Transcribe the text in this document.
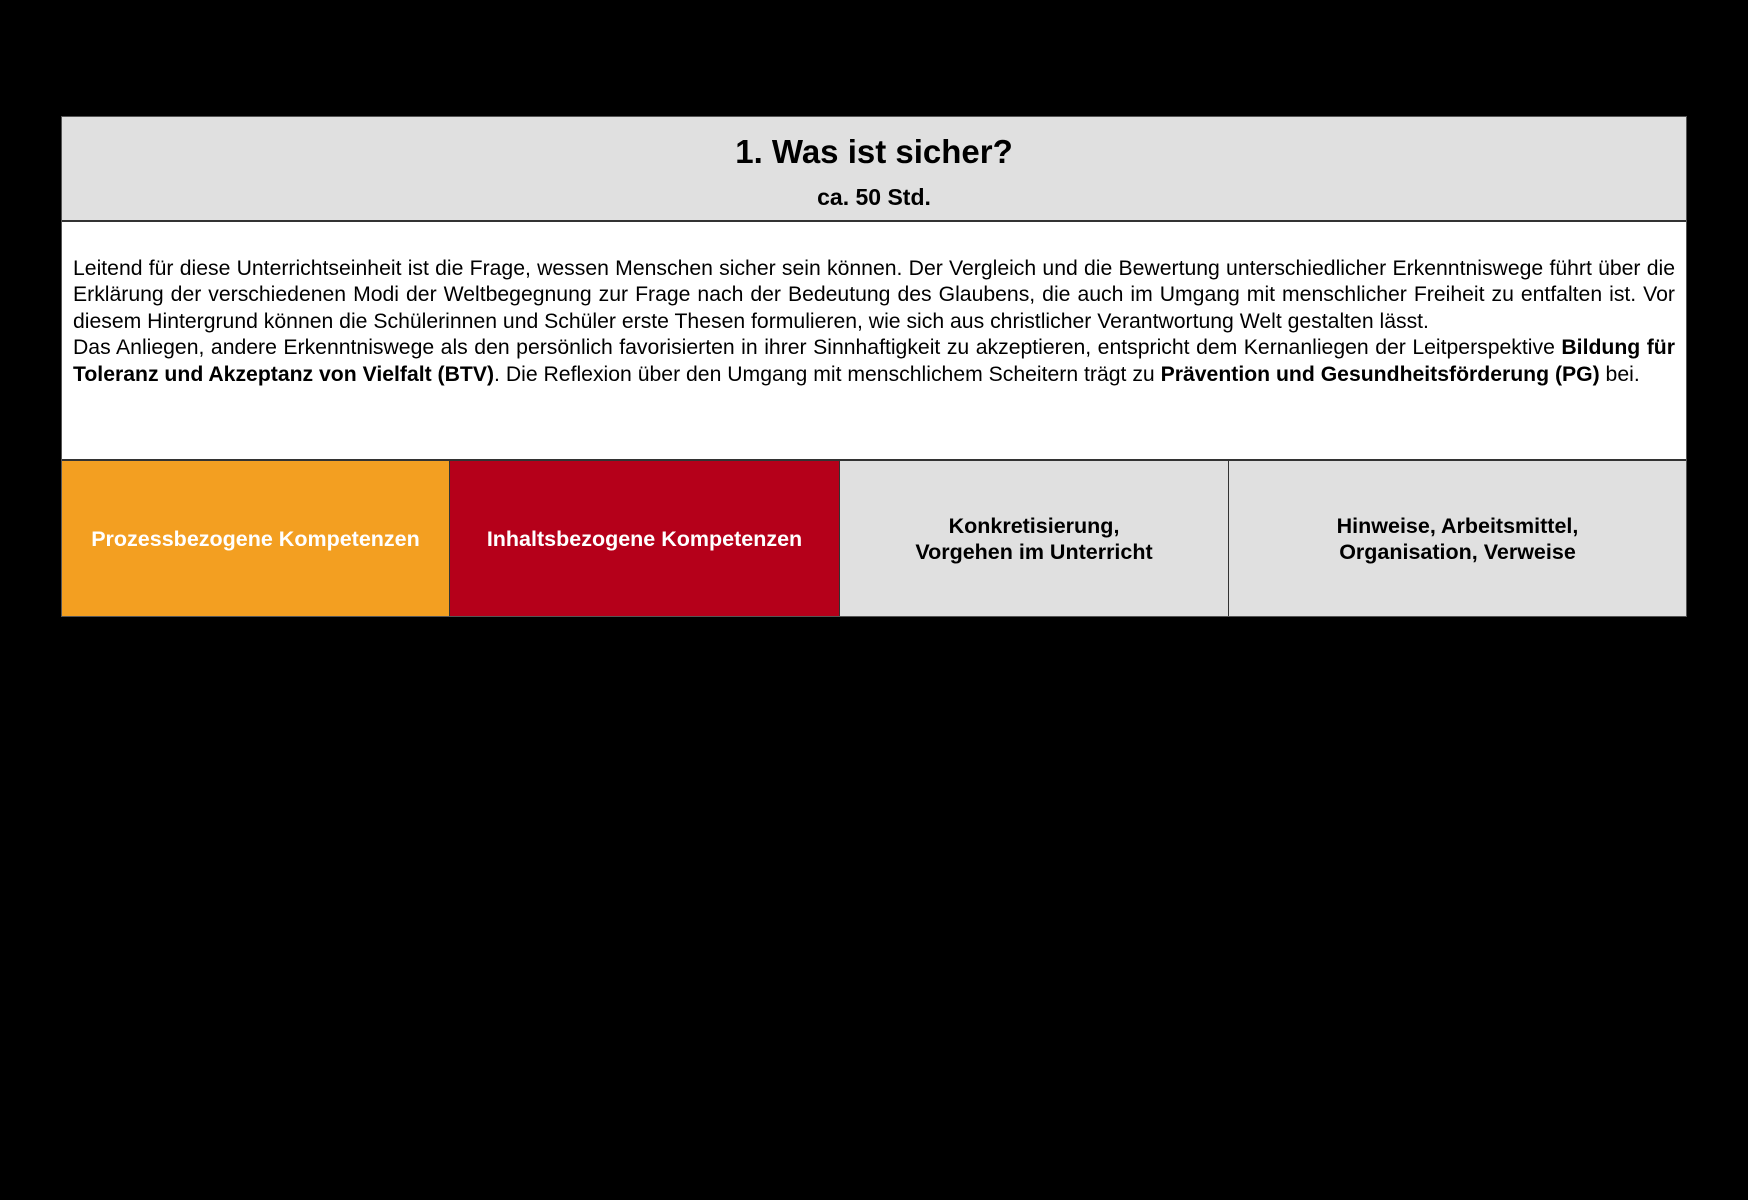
1. Was ist sicher?
ca. 50 Std.

Leitend für diese Unterrichtseinheit ist die Frage, wessen Menschen sicher sein können. Der Vergleich und die Bewertung unterschiedlicher Erkenntniswege führt über die Erklärung der verschiedenen Modi der Weltbegegnung zur Frage nach der Bedeutung des Glaubens, die auch im Umgang mit menschlicher Freiheit zu entfalten ist. Vor diesem Hintergrund können die Schülerinnen und Schüler erste Thesen formulieren, wie sich aus christlicher Verantwortung Welt gestalten lässt.

Das Anliegen, andere Erkenntniswege als den persönlich favorisierten in ihrer Sinnhaftigkeit zu akzeptieren, entspricht dem Kernanliegen der Leitperspektive Bildung für Toleranz und Akzeptanz von Vielfalt (BTV). Die Reflexion über den Umgang mit menschlichem Scheitern trägt zu Prävention und Gesundheitsförderung (PG) bei.

Prozessbezogene Kompetenzen	Inhaltsbezogene Kompetenzen
Konkretisierung,
Vorgehen im Unterricht
Hinweise, Arbeitsmittel,
Organisation, Verweise
